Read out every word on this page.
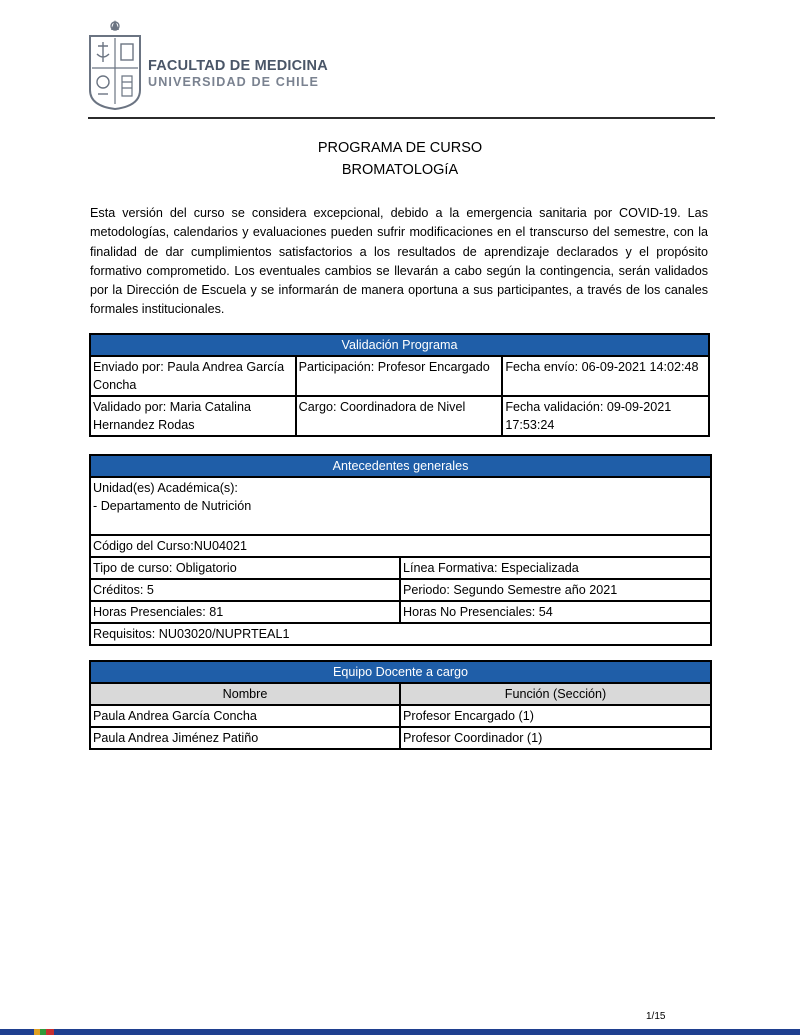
FACULTAD DE MEDICINA
UNIVERSIDAD DE CHILE
PROGRAMA DE CURSO
BROMATOLOGíA
Esta versión del curso se considera excepcional, debido a la emergencia sanitaria por COVID-19. Las metodologías, calendarios y evaluaciones pueden sufrir modificaciones en el transcurso del semestre, con la finalidad de dar cumplimientos satisfactorios a los resultados de aprendizaje declarados y el propósito formativo comprometido. Los eventuales cambios se llevarán a cabo según la contingencia, serán validados por la Dirección de Escuela y se informarán de manera oportuna a sus participantes, a través de los canales formales institucionales.
Validación Programa		
Enviado por: Paula Andrea García Concha	Participación: Profesor Encargado	Fecha envío: 06-09-2021 14:02:48
Validado por: Maria Catalina Hernandez Rodas	Cargo: Coordinadora de Nivel	Fecha validación: 09-09-2021 17:53:24
Antecedentes generales	

Unidad(es) Académica(s):
- Departamento de Nutrición	

Código del Curso:NU04021	
Tipo de curso: Obligatorio	Línea Formativa: Especializada
Créditos: 5	Periodo: Segundo Semestre año 2021
Horas Presenciales: 81	Horas No Presenciales: 54
Requisitos: NU03020/NUPRTEAL1	
Equipo Docente a cargo	
Nombre	Función (Sección)
Paula Andrea García Concha	Profesor Encargado (1)
Paula Andrea Jiménez Patiño	Profesor Coordinador (1)
1/15
